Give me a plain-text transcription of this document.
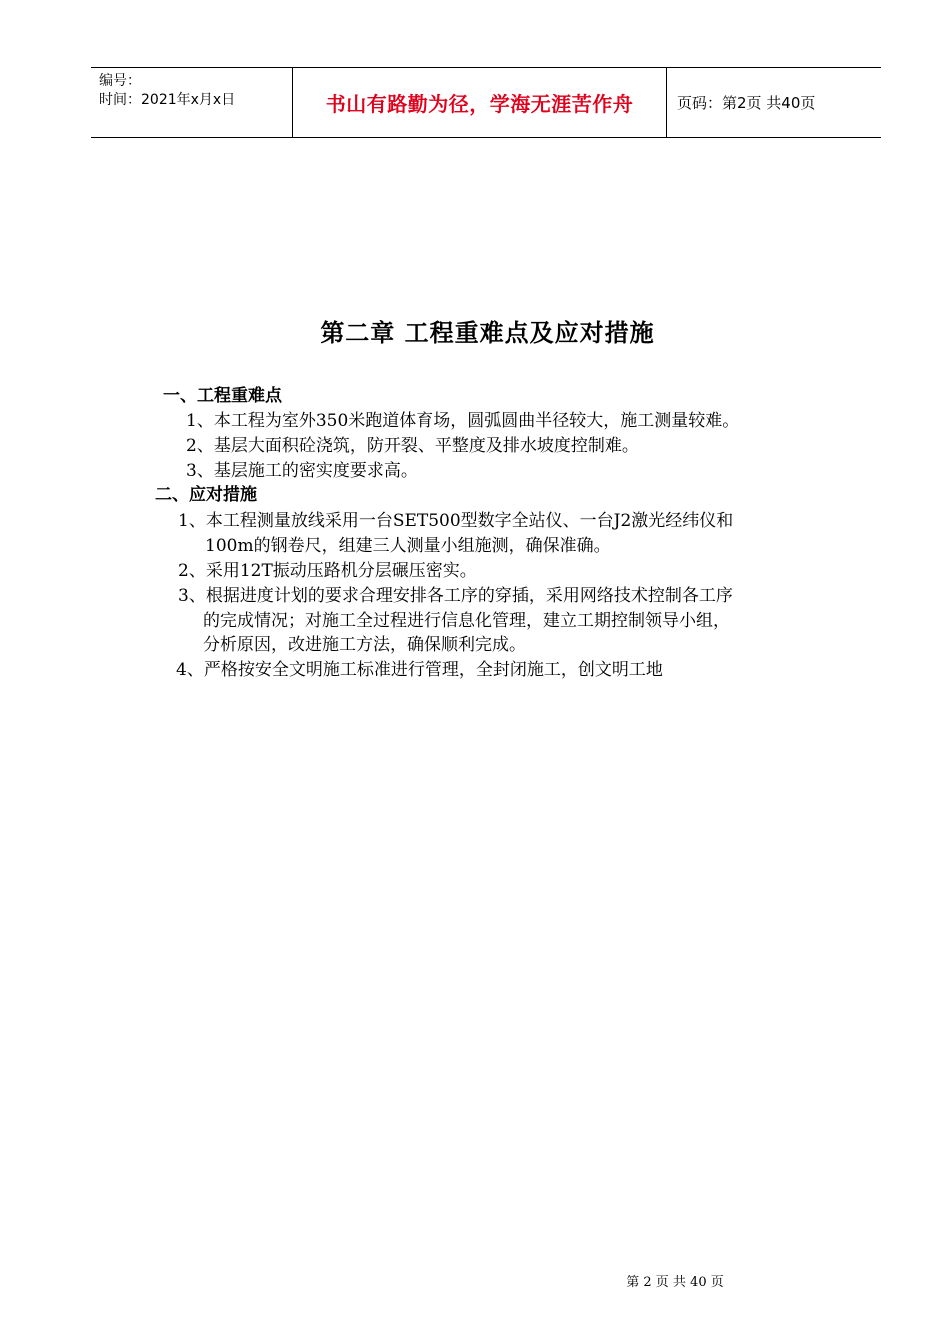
编号：
时间：2021年x月x日	书山有路勤为径，学海无涯苦作舟	页码：第2页 共40页
第二章 工程重难点及应对措施
一、工程重难点
1、本工程为室外350米跑道体育场，圆弧圆曲半径较大，施工测量较难。
2、基层大面积砼浇筑，防开裂、平整度及排水坡度控制难。
3、基层施工的密实度要求高。
二、应对措施
1、本工程测量放线采用一台SET500型数字全站仪、一台J2激光经纬仪和
100m的钢卷尺，组建三人测量小组施测，确保准确。
2、采用12T振动压路机分层碾压密实。
3、根据进度计划的要求合理安排各工序的穿插，采用网络技术控制各工序
的完成情况；对施工全过程进行信息化管理，建立工期控制领导小组，
分析原因，改进施工方法，确保顺利完成。
4、严格按安全文明施工标准进行管理，全封闭施工，创文明工地
第 2 页 共 40 页
